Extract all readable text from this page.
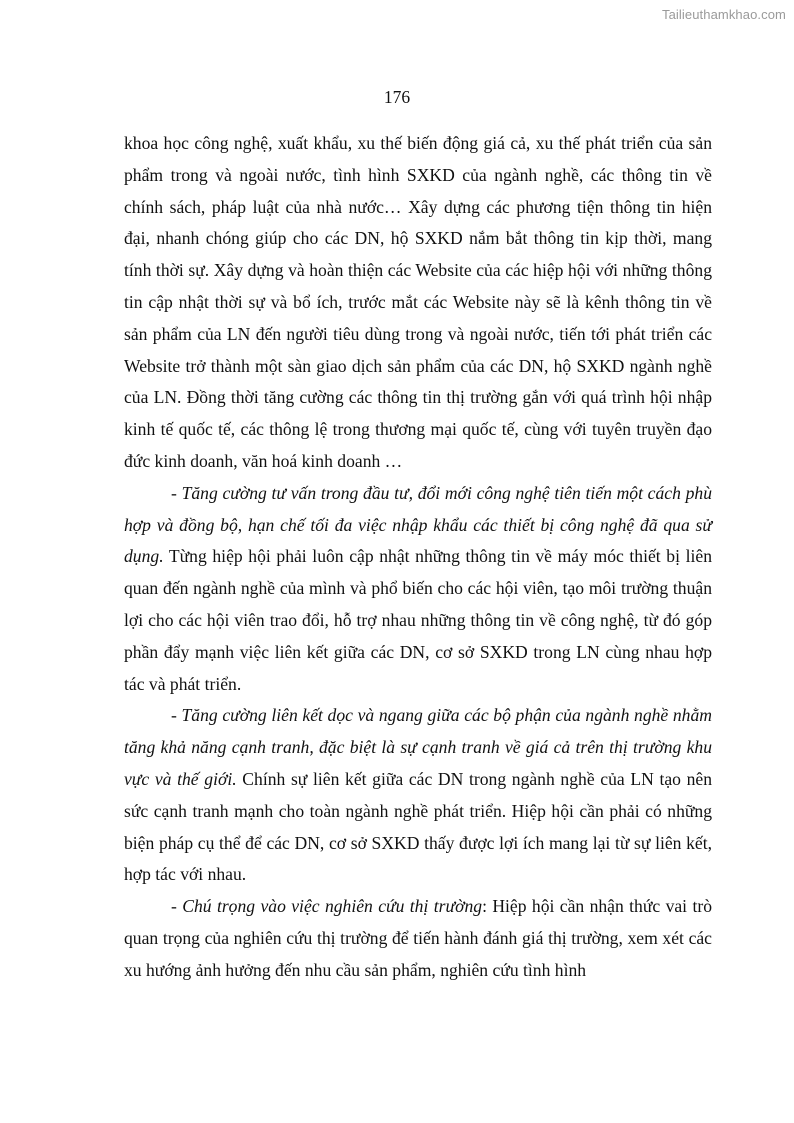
Tailieuthamkhao.com
176

khoa học công nghệ, xuất khẩu, xu thế biến động giá cả, xu thế phát triển của sản phẩm trong và ngoài nước, tình hình SXKD của ngành nghề, các thông tin về chính sách, pháp luật của nhà nước… Xây dựng các phương tiện thông tin hiện đại, nhanh chóng giúp cho các DN, hộ SXKD nắm bắt thông tin kịp thời, mang tính thời sự. Xây dựng và hoàn thiện các Website của các hiệp hội với những thông tin cập nhật thời sự và bổ ích, trước mắt các Website này sẽ là kênh thông tin về sản phẩm của LN đến người tiêu dùng trong và ngoài nước, tiến tới phát triển các Website trở thành một sàn giao dịch sản phẩm của các DN, hộ SXKD ngành nghề của LN. Đồng thời tăng cường các thông tin thị trường gắn với quá trình hội nhập kinh tế quốc tế, các thông lệ trong thương mại quốc tế, cùng với tuyên truyền đạo đức kinh doanh, văn hoá kinh doanh …

- Tăng cường tư vấn trong đầu tư, đổi mới công nghệ tiên tiến một cách phù hợp và đồng bộ, hạn chế tối đa việc nhập khẩu các thiết bị công nghệ đã qua sử dụng. Từng hiệp hội phải luôn cập nhật những thông tin về máy móc thiết bị liên quan đến ngành nghề của mình và phổ biến cho các hội viên, tạo môi trường thuận lợi cho các hội viên trao đổi, hỗ trợ nhau những thông tin về công nghệ, từ đó góp phần đẩy mạnh việc liên kết giữa các DN, cơ sở SXKD trong LN cùng nhau hợp tác và phát triển.

- Tăng cường liên kết dọc và ngang giữa các bộ phận của ngành nghề nhằm tăng khả năng cạnh tranh, đặc biệt là sự cạnh tranh về giá cả trên thị trường khu vực và thế giới. Chính sự liên kết giữa các DN trong ngành nghề của LN tạo nên sức cạnh tranh mạnh cho toàn ngành nghề phát triển. Hiệp hội cần phải có những biện pháp cụ thể để các DN, cơ sở SXKD thấy được lợi ích mang lại từ sự liên kết, hợp tác với nhau.

- Chú trọng vào việc nghiên cứu thị trường: Hiệp hội cần nhận thức vai trò quan trọng của nghiên cứu thị trường để tiến hành đánh giá thị trường, xem xét các xu hướng ảnh hưởng đến nhu cầu sản phẩm, nghiên cứu tình hình
